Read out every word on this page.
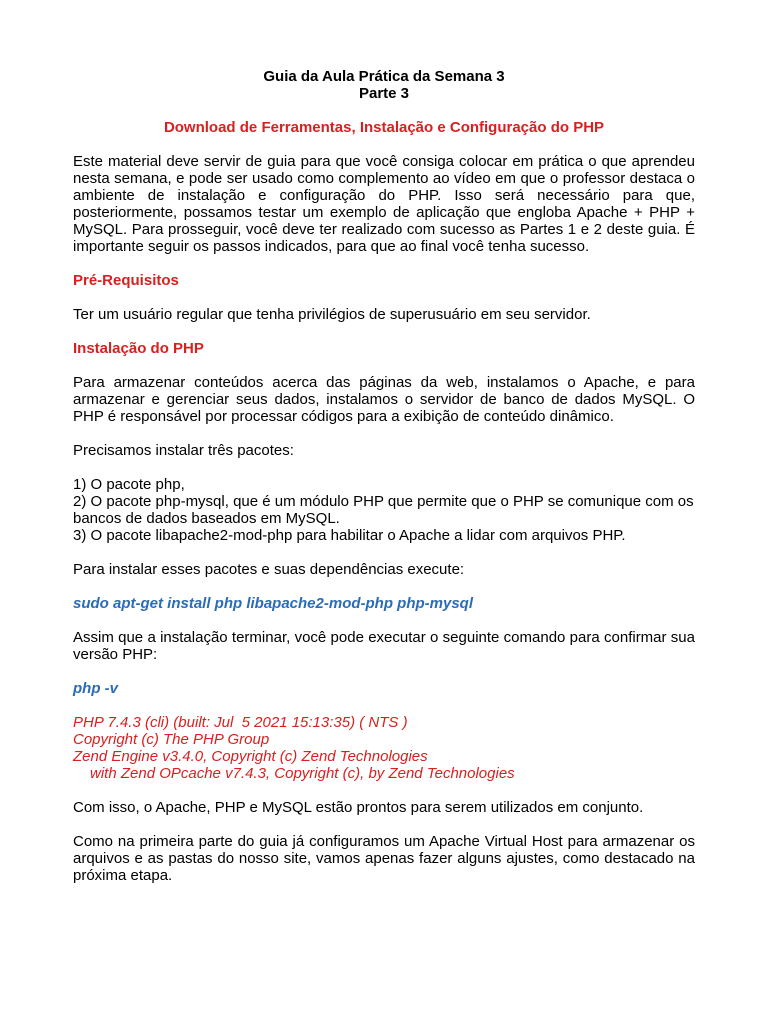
Guia da Aula Prática da Semana 3
Parte 3
Download de Ferramentas, Instalação e Configuração do PHP

Este material deve servir de guia para que você consiga colocar em prática o que aprendeu nesta semana, e pode ser usado como complemento ao vídeo em que o professor destaca o ambiente de instalação e configuração do PHP. Isso será necessário para que, posteriormente, possamos testar um exemplo de aplicação que engloba Apache + PHP + MySQL. Para prosseguir, você deve ter realizado com sucesso as Partes 1 e 2 deste guia. É importante seguir os passos indicados, para que ao final você tenha sucesso.

Pré-Requisitos

Ter um usuário regular que tenha privilégios de superusuário em seu servidor.

Instalação do PHP

Para armazenar conteúdos acerca das páginas da web, instalamos o Apache, e para armazenar e gerenciar seus dados, instalamos o servidor de banco de dados MySQL. O PHP é responsável por processar códigos para a exibição de conteúdo dinâmico.

Precisamos instalar três pacotes:

1) O pacote php,
2) O pacote php-mysql, que é um módulo PHP que permite que o PHP se comunique com os bancos de dados baseados em MySQL.
3) O pacote libapache2-mod-php para habilitar o Apache a lidar com arquivos PHP.

Para instalar esses pacotes e suas dependências execute:

sudo apt-get install php libapache2-mod-php php-mysql

Assim que a instalação terminar, você pode executar o seguinte comando para confirmar sua versão PHP:

php -v
PHP 7.4.3 (cli) (built: Jul  5 2021 15:13:35) ( NTS )
Copyright (c) The PHP Group
Zend Engine v3.4.0, Copyright (c) Zend Technologies
with Zend OPcache v7.4.3, Copyright (c), by Zend Technologies

Com isso, o Apache, PHP e MySQL estão prontos para serem utilizados em conjunto.

Como na primeira parte do guia já configuramos um Apache Virtual Host para armazenar os arquivos e as pastas do nosso site, vamos apenas fazer alguns ajustes, como destacado na próxima etapa.
